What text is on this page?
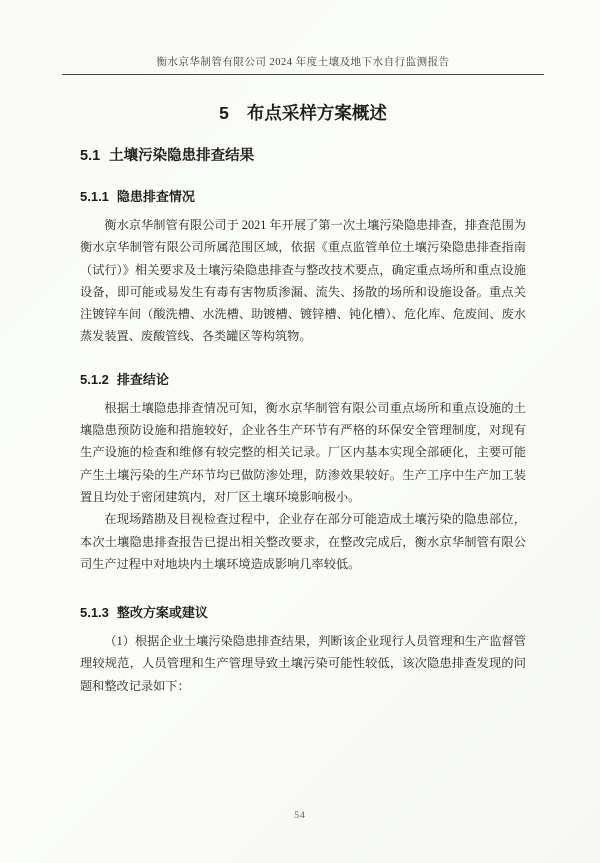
衡水京华制管有限公司 2024 年度土壤及地下水自行监测报告
5 布点采样方案概述
5.1 土壤污染隐患排查结果
5.1.1 隐患排查情况

衡水京华制管有限公司于 2021 年开展了第一次土壤污染隐患排查，排查范围为衡水京华制管有限公司所属范围区域，依据《重点监管单位土壤污染隐患排查指南（试行）》相关要求及土壤污染隐患排查与整改技术要点，确定重点场所和重点设施设备，即可能或易发生有毒有害物质渗漏、流失、扬散的场所和设施设备。重点关注镀锌车间（酸洗槽、水洗槽、助镀槽、镀锌槽、钝化槽）、危化库、危废间、废水蒸发装置、废酸管线、各类罐区等构筑物。

5.1.2 排查结论

根据土壤隐患排查情况可知，衡水京华制管有限公司重点场所和重点设施的土壤隐患预防设施和措施较好，企业各生产环节有严格的环保安全管理制度，对现有生产设施的检查和维修有较完整的相关记录。厂区内基本实现全部硬化，主要可能产生土壤污染的生产环节均已做防渗处理，防渗效果较好。生产工序中生产加工装置且均处于密闭建筑内，对厂区土壤环境影响极小。

在现场踏勘及目视检查过程中，企业存在部分可能造成土壤污染的隐患部位，本次土壤隐患排查报告已提出相关整改要求，在整改完成后，衡水京华制管有限公司生产过程中对地块内土壤环境造成影响几率较低。

5.1.3 整改方案或建议

（1）根据企业土壤污染隐患排查结果，判断该企业现行人员管理和生产监督管理较规范，人员管理和生产管理导致土壤污染可能性较低，该次隐患排查发现的问题和整改记录如下：

54
